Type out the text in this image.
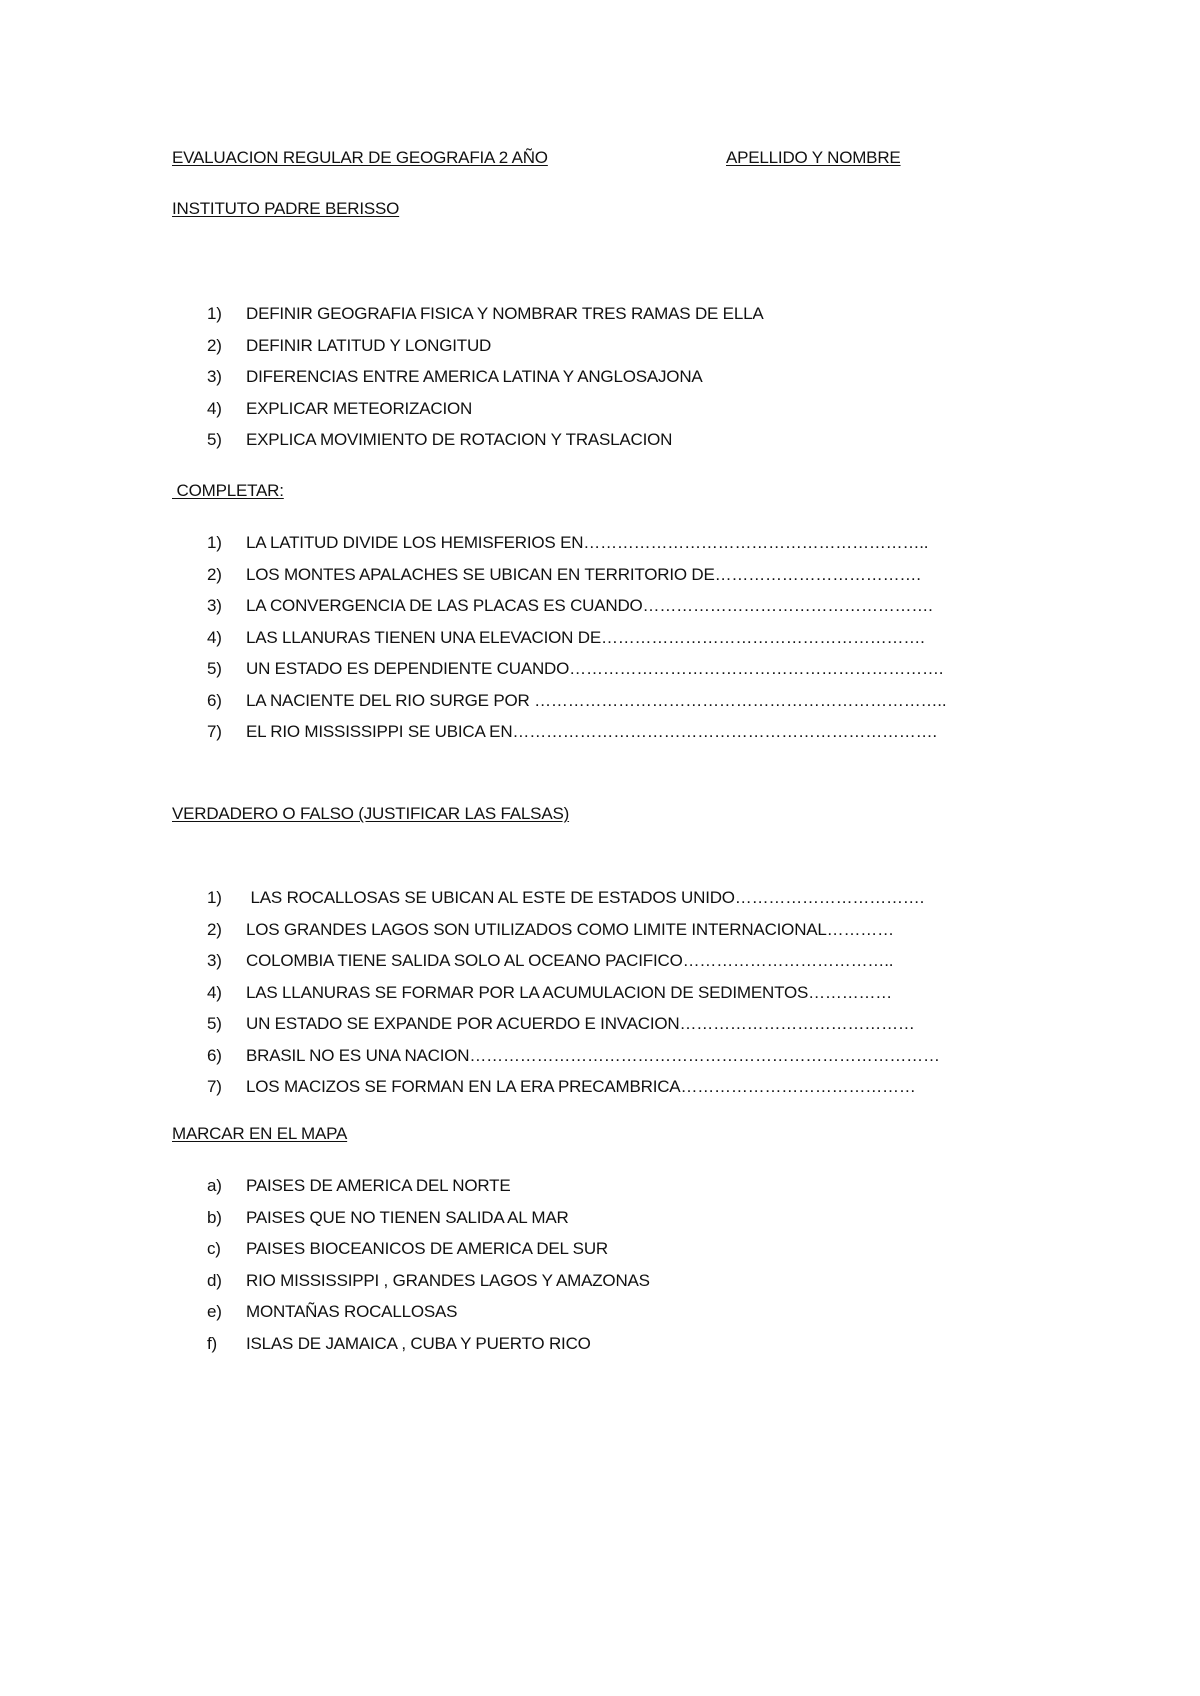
EVALUACION REGULAR DE GEOGRAFIA 2 AÑO	APELLIDO Y NOMBRE
INSTITUTO PADRE BERISSO
1)	DEFINIR GEOGRAFIA FISICA Y NOMBRAR TRES RAMAS DE ELLA
2)	DEFINIR LATITUD Y LONGITUD
3)	DIFERENCIAS ENTRE AMERICA LATINA Y ANGLOSAJONA
4)	EXPLICAR METEORIZACION
5)	EXPLICA MOVIMIENTO DE ROTACION Y TRASLACION
COMPLETAR:
1)	LA LATITUD DIVIDE LOS HEMISFERIOS EN……………………………………………………..
2)	LOS MONTES APALACHES SE UBICAN EN TERRITORIO DE……………………………….
3)	LA CONVERGENCIA DE LAS PLACAS ES CUANDO…………………………………………….
4)	LAS LLANURAS TIENEN UNA ELEVACION DE………………………………………………….
5)	UN ESTADO ES DEPENDIENTE CUANDO………………………………………………………….
6)	LA NACIENTE DEL RIO SURGE POR ………………………………………………………………..
7)	EL RIO MISSISSIPPI SE UBICA EN………………………………………………………………….
VERDADERO O FALSO (JUSTIFICAR LAS FALSAS)
1)	LAS ROCALLOSAS SE UBICAN AL ESTE DE ESTADOS UNIDO…………………………….
2)	LOS GRANDES LAGOS SON UTILIZADOS COMO LIMITE INTERNACIONAL…………
3)	COLOMBIA TIENE SALIDA SOLO AL OCEANO PACIFICO………………………………..
4)	LAS LLANURAS SE FORMAR POR LA ACUMULACION DE SEDIMENTOS……………
5)	UN ESTADO SE EXPANDE POR ACUERDO E INVACION……………………………………
6)	BRASIL NO ES UNA NACION…………………………………………………………………………
7)	LOS MACIZOS SE FORMAN EN LA ERA PRECAMBRICA……………………………………
MARCAR EN EL MAPA
a)	PAISES DE AMERICA DEL NORTE
b)	PAISES QUE NO TIENEN SALIDA AL MAR
c)	PAISES BIOCEANICOS DE AMERICA DEL SUR
d)	RIO MISSISSIPPI , GRANDES LAGOS Y AMAZONAS
e)	MONTAÑAS ROCALLOSAS
f)	ISLAS DE JAMAICA , CUBA Y PUERTO RICO
